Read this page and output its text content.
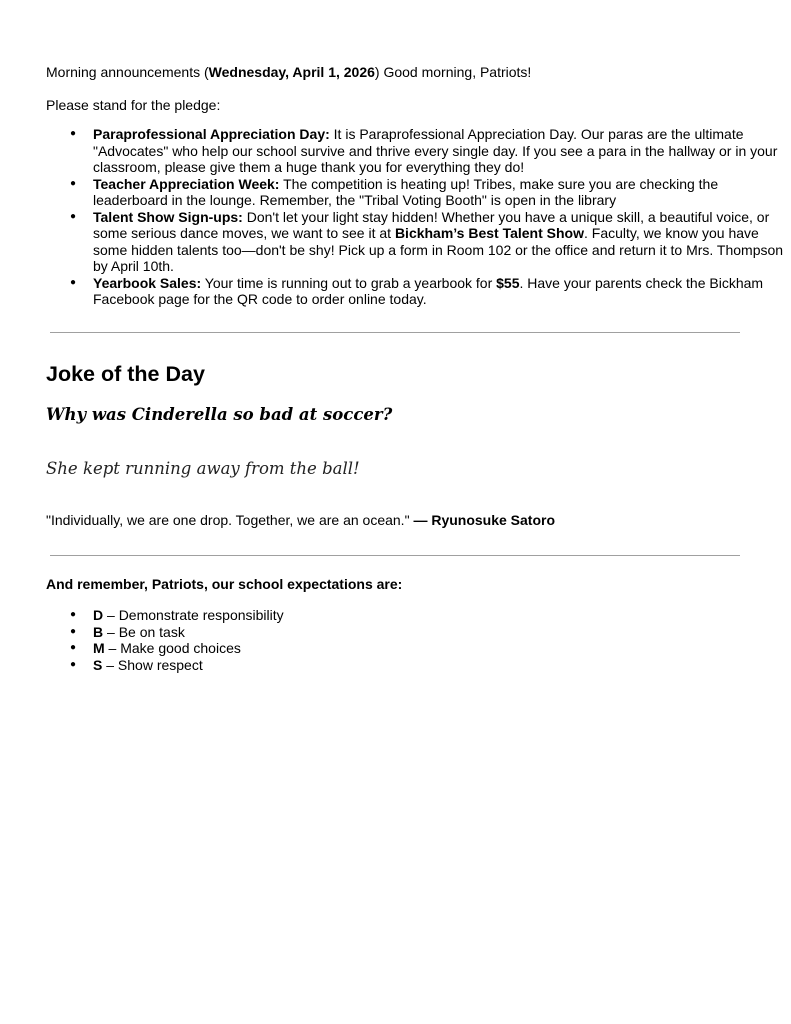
Morning announcements (Wednesday, April 1, 2026) Good morning, Patriots!

Please stand for the pledge:

● Paraprofessional Appreciation Day: It is Paraprofessional Appreciation Day. Our paras are the ultimate "Advocates" who help our school survive and thrive every single day. If you see a para in the hallway or in your classroom, please give them a huge thank you for everything they do!
● Teacher Appreciation Week: The competition is heating up! Tribes, make sure you are checking the leaderboard in the lounge. Remember, the "Tribal Voting Booth" is open in the library
● Talent Show Sign-ups: Don't let your light stay hidden! Whether you have a unique skill, a beautiful voice, or some serious dance moves, we want to see it at Bickham’s Best Talent Show. Faculty, we know you have some hidden talents too—don't be shy! Pick up a form in Room 102 or the office and return it to Mrs. Thompson by April 10th.
● Yearbook Sales: Your time is running out to grab a yearbook for $55. Have your parents check the Bickham Facebook page for the QR code to order online today.
Joke of the Day

Why was Cinderella so bad at soccer?

She kept running away from the ball!

"Individually, we are one drop. Together, we are an ocean." — Ryunosuke Satoro

And remember, Patriots, our school expectations are:

● D – Demonstrate responsibility
● B – Be on task
● M – Make good choices
● S – Show respect
